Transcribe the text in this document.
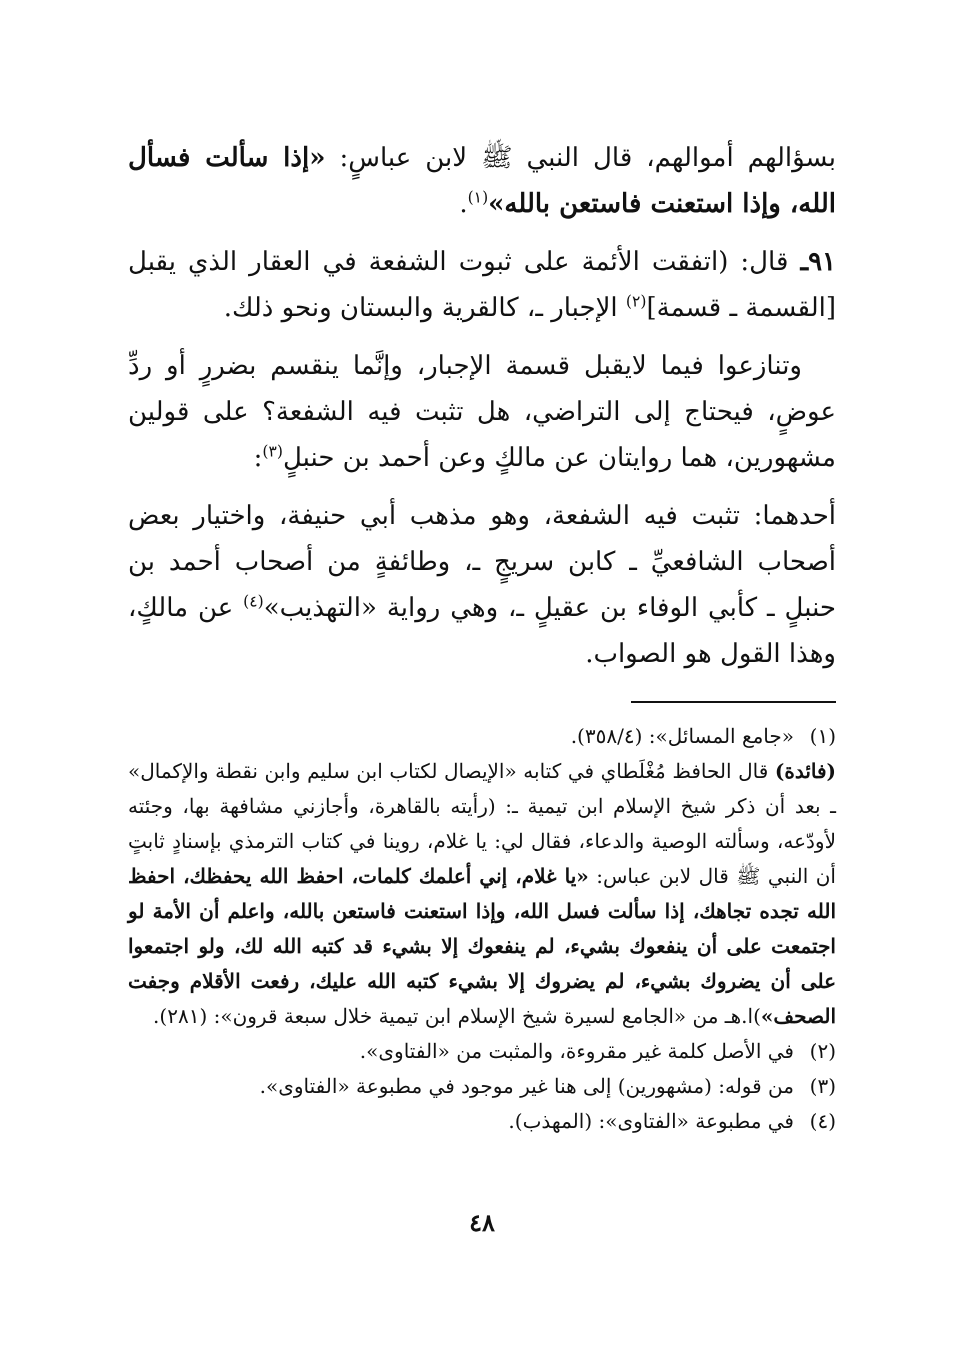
بسؤالهم أموالهم، قال النبي ﷺ لابن عباسٍ: «إذا سألت فسأل الله، وإذا استعنت فاستعن بالله»$^{(١)}$.

٩١ـ قال: (اتفقت الأئمة على ثبوت الشفعة في العقار الذي يقبل [القسمة ـ قسمة]$^{(٢)}$ الإجبار ـ، كالقرية والبستان ونحو ذلك.

وتنازعوا فيما لايقبل قسمة الإجبار، وإنَّما ينقسم بضررٍ أو ردِّ عوضٍ، فيحتاج إلى التراضي، هل تثبت فيه الشفعة؟ على قولين مشهورين، هما روايتان عن مالكٍ وعن أحمد بن حنبلٍ$^{(٣)}$:

أحدهما: تثبت فيه الشفعة، وهو مذهب أبي حنيفة، واختيار بعض أصحاب الشافعيِّ ـ كابن سريجٍ ـ، وطائفةٍ من أصحاب أحمد بن حنبلٍ ـ كأبي الوفاء بن عقيلٍ ـ، وهي رواية «التهذيب»$^{(٤)}$ عن مالكٍ، وهذا القول هو الصواب.

(١)
«جامع المسائل»: (٣٥٨/٤).

(فائدة) قال الحافظ مُغْلَطاي في كتابه «الإيصال لكتاب ابن سليم وابن نقطة والإكمال» ـ بعد أن ذكر شيخ الإسلام ابن تيمية ـ: (رأيته بالقاهرة، وأجازني مشافهة بها، وجئته لأودّعه، وسألته الوصية والدعاء، فقال لي: يا غلام، روينا في كتاب الترمذي بإسنادٍ ثابتٍ أن النبي ﷺ قال لابن عباس: «يا غلام، إني أعلمك كلمات، احفظ الله يحفظك، احفظ الله تجده تجاهك، إذا سألت فسل الله، وإذا استعنت فاستعن بالله، واعلم أن الأمة لو اجتمعت على أن ينفعوك بشيء، لم ينفعوك إلا بشيء قد كتبه الله لك، ولو اجتمعوا على أن يضروك بشيء، لم يضروك إلا بشيء كتبه الله عليك، رفعت الأقلام وجفت الصحف»)ا.هـ من «الجامع لسيرة شيخ الإسلام ابن تيمية خلال سبعة قرون»: (٢٨١).

(٢)
في الأصل كلمة غير مقروءة، والمثبت من «الفتاوى».
(٣)
من قوله: (مشهورين) إلى هنا غير موجود في مطبوعة «الفتاوى».
(٤)
في مطبوعة «الفتاوى»: (المهذب).
٤٨
